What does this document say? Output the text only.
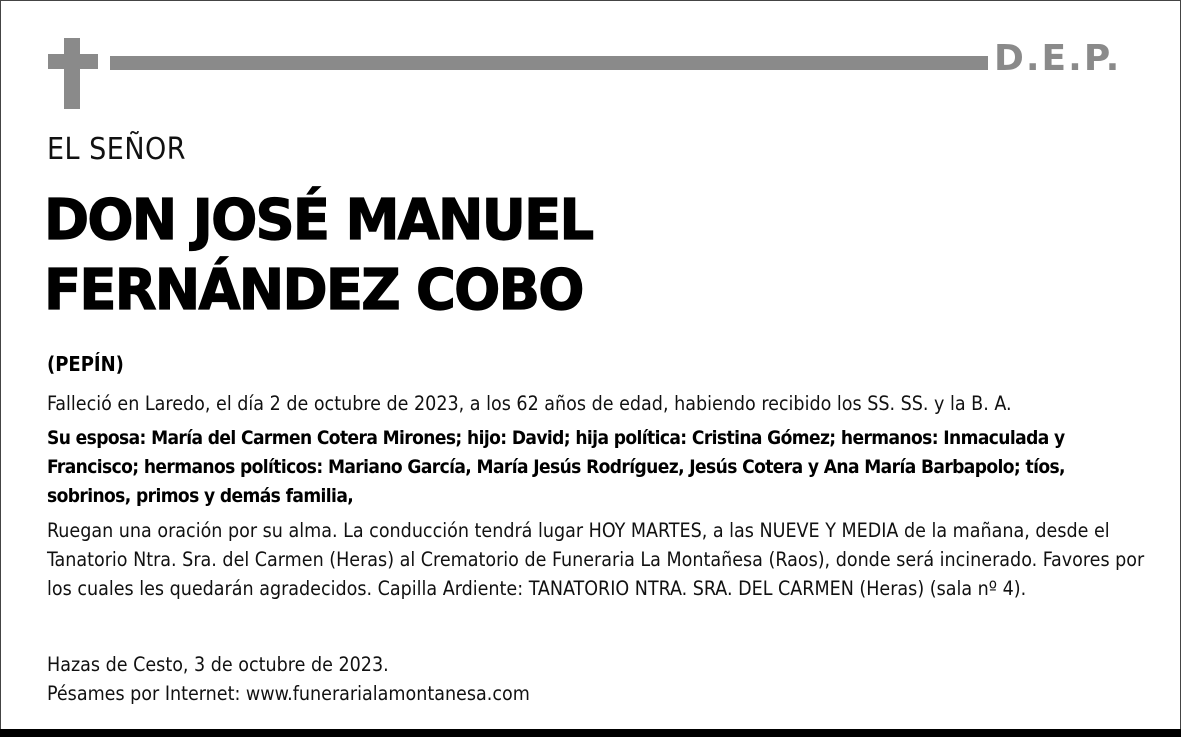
D.E.P.
EL SEÑOR
DON JOSÉ MANUEL
FERNÁNDEZ COBO
(PEPÍN)

Falleció en Laredo, el día 2 de octubre de 2023, a los 62 años de edad, habiendo recibido los SS. SS. y la B. A.

Su esposa: María del Carmen Cotera Mirones; hijo: David; hija política: Cristina Gómez; hermanos: Inmaculada y Francisco; hermanos políticos: Mariano García, María Jesús Rodríguez, Jesús Cotera y Ana María Barbapolo; tíos, sobrinos, primos y demás familia,

Ruegan una oración por su alma. La conducción tendrá lugar HOY MARTES, a las NUEVE Y MEDIA de la mañana, desde el Tanatorio Ntra. Sra. del Carmen (Heras) al Crematorio de Funeraria La Montañesa (Raos), donde será incinerado. Favores por los cuales les quedarán agradecidos. Capilla Ardiente: TANATORIO NTRA. SRA. DEL CARMEN (Heras) (sala nº 4).

Hazas de Cesto, 3 de octubre de 2023.

Pésames por Internet: www.funerarialamontanesa.com
